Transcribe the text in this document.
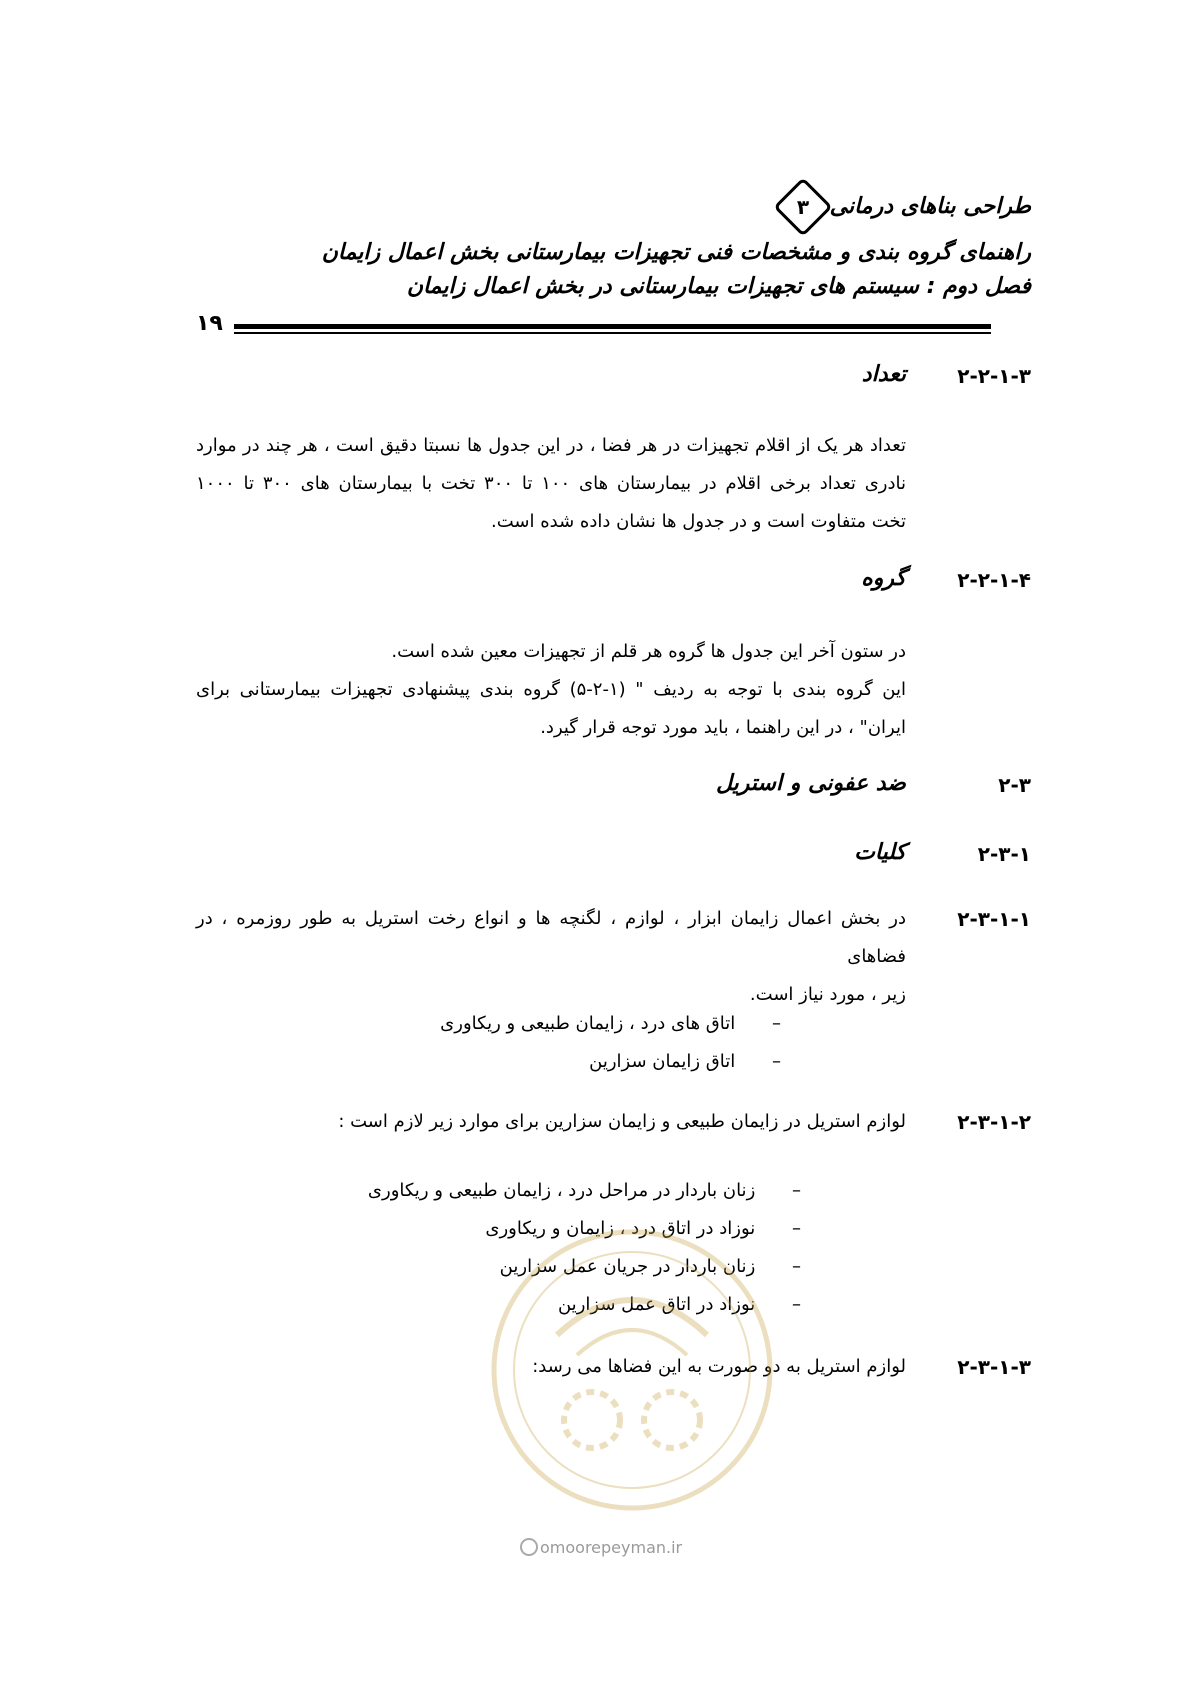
طراحی بناهای درمانی
۳
راهنمای گروه بندی و مشخصات فنی تجهیزات بیمارستانی بخش اعمال زایمان
فصل دوم : سیستم های تجهیزات بیمارستانی در بخش اعمال زایمان
۱۹
۲-۲-۱-۳
تعداد
تعداد هر یک از اقلام تجهیزات در هر فضا ، در این جدول ها نسبتا دقیق است ، هر چند در موارد
نادری تعداد برخی اقلام در بیمارستان های ۱۰۰ تا ۳۰۰ تخت با بیمارستان های ۳۰۰ تا ۱۰۰۰
تخت متفاوت است و در جدول ها نشان داده شده است.
۲-۲-۱-۴
گروه
در ستون آخر این جدول ها گروه هر قلم از تجهیزات معین شده است.
این گروه بندی با توجه به ردیف " (۱-۲-۵) گروه بندی پیشنهادی تجهیزات بیمارستانی برای
ایران" ، در این راهنما ، باید مورد توجه قرار گیرد.
۲-۳
ضد عفونی و استریل
۲-۳-۱
کلیات
۲-۳-۱-۱
در بخش اعمال زایمان ابزار ، لوازم ، لگنچه ها و انواع رخت استریل به طور روزمره ، در فضاهای
زیر ، مورد نیاز است.
– اتاق های درد ، زایمان طبیعی و ریکاوری
– اتاق زایمان سزارین
۲-۳-۱-۲
لوازم استریل در زایمان طبیعی و زایمان سزارین برای موارد زیر لازم است :
– زنان باردار در مراحل درد ، زایمان طبیعی و ریکاوری
– نوزاد در اتاق درد ، زایمان و ریکاوری
– زنان باردار در جریان عمل سزارین
– نوزاد در اتاق عمل سزارین
۲-۳-۱-۳
لوازم استریل به دو صورت به این فضاها می رسد:
omoorepeyman.ir
